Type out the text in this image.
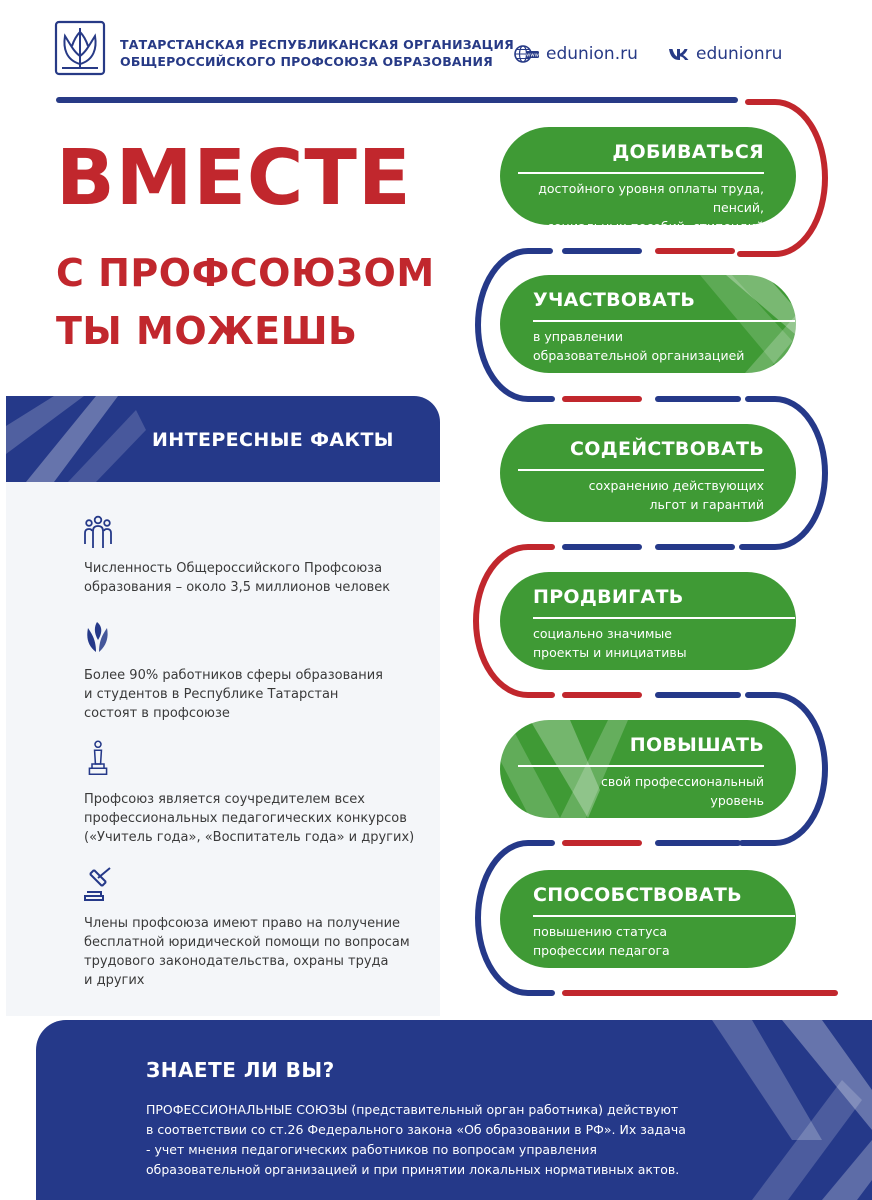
ТАТАРСТАНСКАЯ РЕСПУБЛИКАНСКАЯ ОРГАНИЗАЦИЯ
ОБЩЕРОССИЙСКОГО ПРОФСОЮЗА ОБРАЗОВАНИЯ	www edunion.ru	edunionru
ВМЕСТЕ
С ПРОФСОЮЗОМ
ТЫ МОЖЕШЬ
ДОБИВАТЬСЯ
достойного уровня оплаты труда, пенсий,
социальных пособий, стипендий
УЧАСТВОВАТЬ
в управлении
образовательной организацией
СОДЕЙСТВОВАТЬ
сохранению действующих
льгот и гарантий
ПРОДВИГАТЬ
социально значимые
проекты и инициативы
ПОВЫШАТЬ
свой профессиональный
уровень
СПОСОБСТВОВАТЬ
повышению статуса
профессии педагога
ИНТЕРЕСНЫЕ ФАКТЫ
Численность Общероссийского Профсоюза
образования – около 3,5 миллионов человек
Более 90% работников сферы образования
и студентов в Республике Татарстан
состоят в профсоюзе
Профсоюз является соучредителем всех
профессиональных педагогических конкурсов
(«Учитель года», «Воспитатель года» и других)
Члены профсоюза имеют право на получение
бесплатной юридической помощи по вопросам
трудового законодательства, охраны труда
и других
ЗНАЕТЕ ЛИ ВЫ?
ПРОФЕССИОНАЛЬНЫЕ СОЮЗЫ (представительный орган работника) действуют в соответствии со ст.26 Федерального закона «Об образовании в РФ». Их задача - учет мнения педагогических работников по вопросам управления образовательной организацией и при принятии локальных нормативных актов.
